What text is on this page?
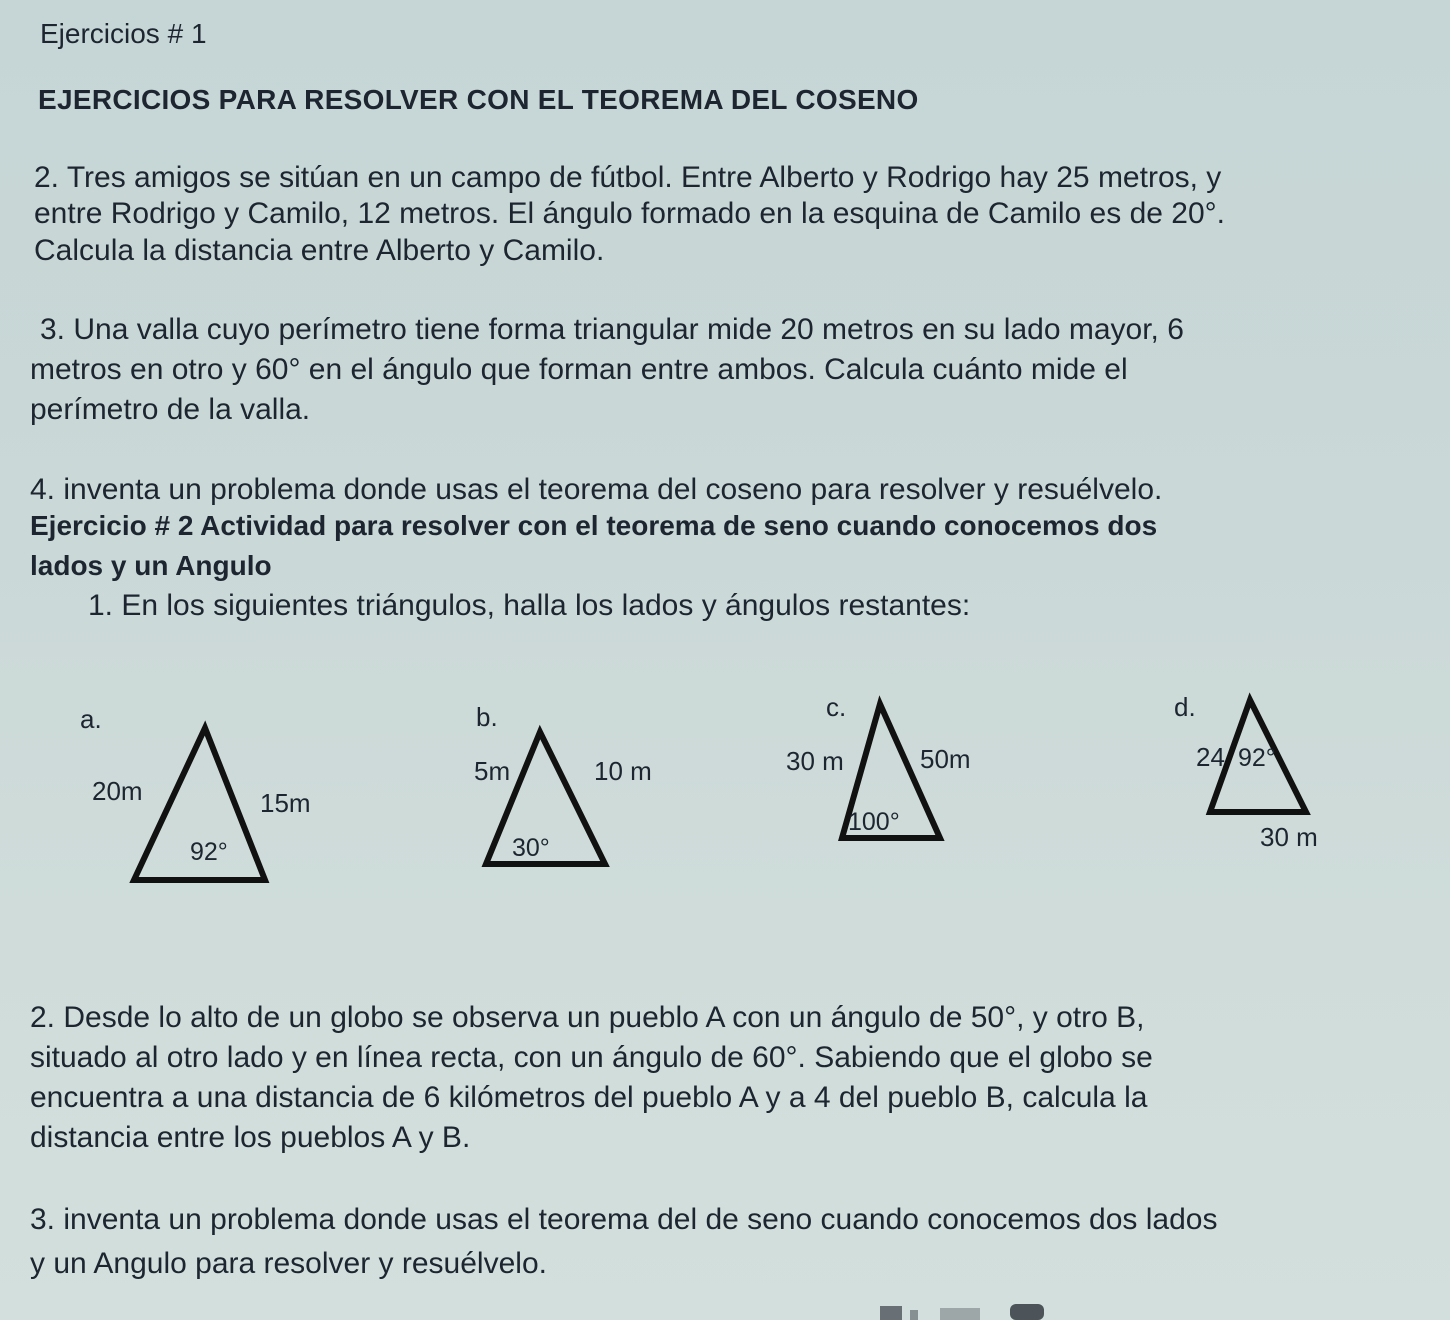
Ejercicios # 1
EJERCICIOS PARA RESOLVER CON EL TEOREMA DEL COSENO
2. Tres amigos se sitúan en un campo de fútbol. Entre Alberto y Rodrigo hay 25 metros, y
entre Rodrigo y Camilo, 12 metros. El ángulo formado en la esquina de Camilo es de 20°.
Calcula la distancia entre Alberto y Camilo.
3. Una valla cuyo perímetro tiene forma triangular mide 20 metros en su lado mayor, 6
metros en otro y 60° en el ángulo que forman entre ambos. Calcula cuánto mide el
perímetro de la valla.
4. inventa un problema donde usas el teorema del coseno para resolver y resuélvelo.
Ejercicio # 2 Actividad para resolver con el teorema de seno cuando conocemos dos
lados y un Angulo
1. En los siguientes triángulos, halla los lados y ángulos restantes:
a.
20m	15m
92°
b.
5m	10 m
30°
c.
30 m	50m
100°
d.
24 92°
30 m
2. Desde lo alto de un globo se observa un pueblo A con un ángulo de 50°, y otro B,
situado al otro lado y en línea recta, con un ángulo de 60°. Sabiendo que el globo se
encuentra a una distancia de 6 kilómetros del pueblo A y a 4 del pueblo B, calcula la
distancia entre los pueblos A y B.
3. inventa un problema donde usas el teorema del de seno cuando conocemos dos lados
y un Angulo para resolver y resuélvelo.
